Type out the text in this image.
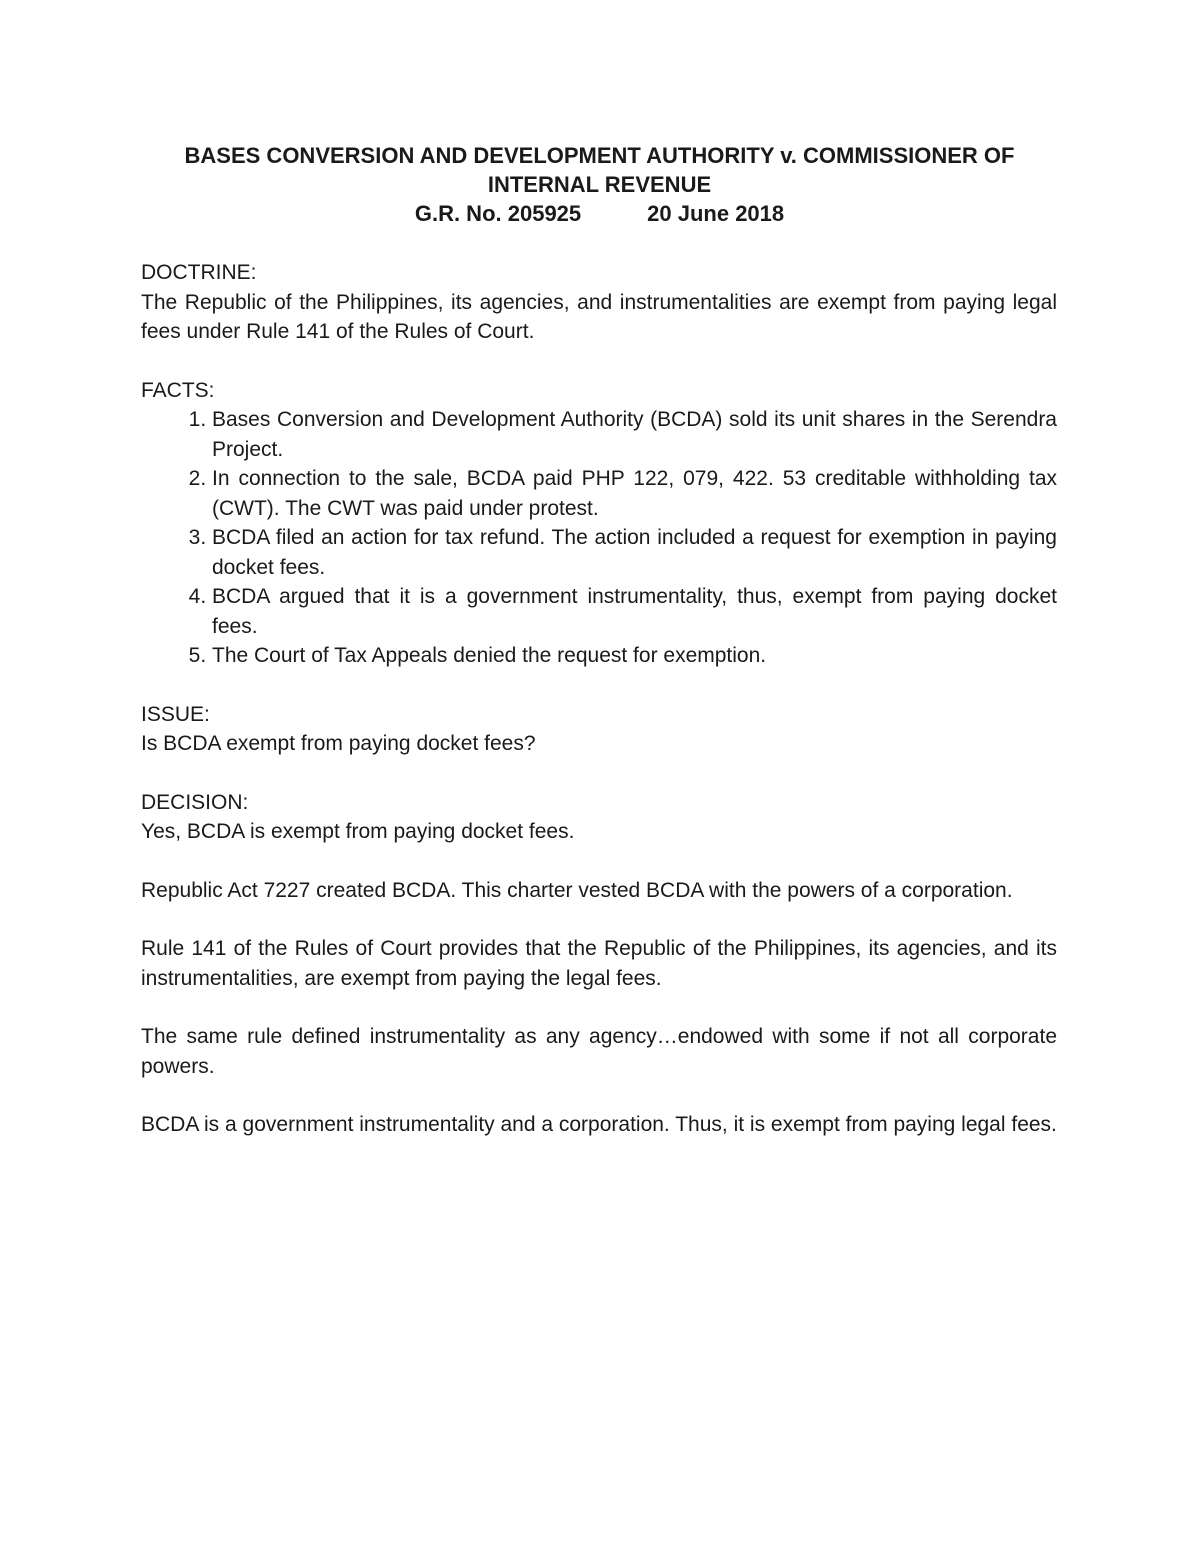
BASES CONVERSION AND DEVELOPMENT AUTHORITY v. COMMISSIONER OF
INTERNAL REVENUE
G.R. No. 205925	20 June 2018
DOCTRINE:

The Republic of the Philippines, its agencies, and instrumentalities are exempt from paying legal fees under Rule 141 of the Rules of Court.

FACTS:
1. Bases Conversion and Development Authority (BCDA) sold its unit shares in the Serendra Project.
2. In connection to the sale, BCDA paid PHP 122, 079, 422. 53 creditable withholding tax (CWT). The CWT was paid under protest.
3. BCDA filed an action for tax refund. The action included a request for exemption in paying docket fees.
4. BCDA argued that it is a government instrumentality, thus, exempt from paying docket fees.
5. The Court of Tax Appeals denied the request for exemption.
ISSUE:

Is BCDA exempt from paying docket fees?

DECISION:

Yes, BCDA is exempt from paying docket fees.

Republic Act 7227 created BCDA. This charter vested BCDA with the powers of a corporation.

Rule 141 of the Rules of Court provides that the Republic of the Philippines, its agencies, and its instrumentalities, are exempt from paying the legal fees.

The same rule defined instrumentality as any agency…endowed with some if not all corporate powers.

BCDA is a government instrumentality and a corporation. Thus, it is exempt from paying legal fees.
